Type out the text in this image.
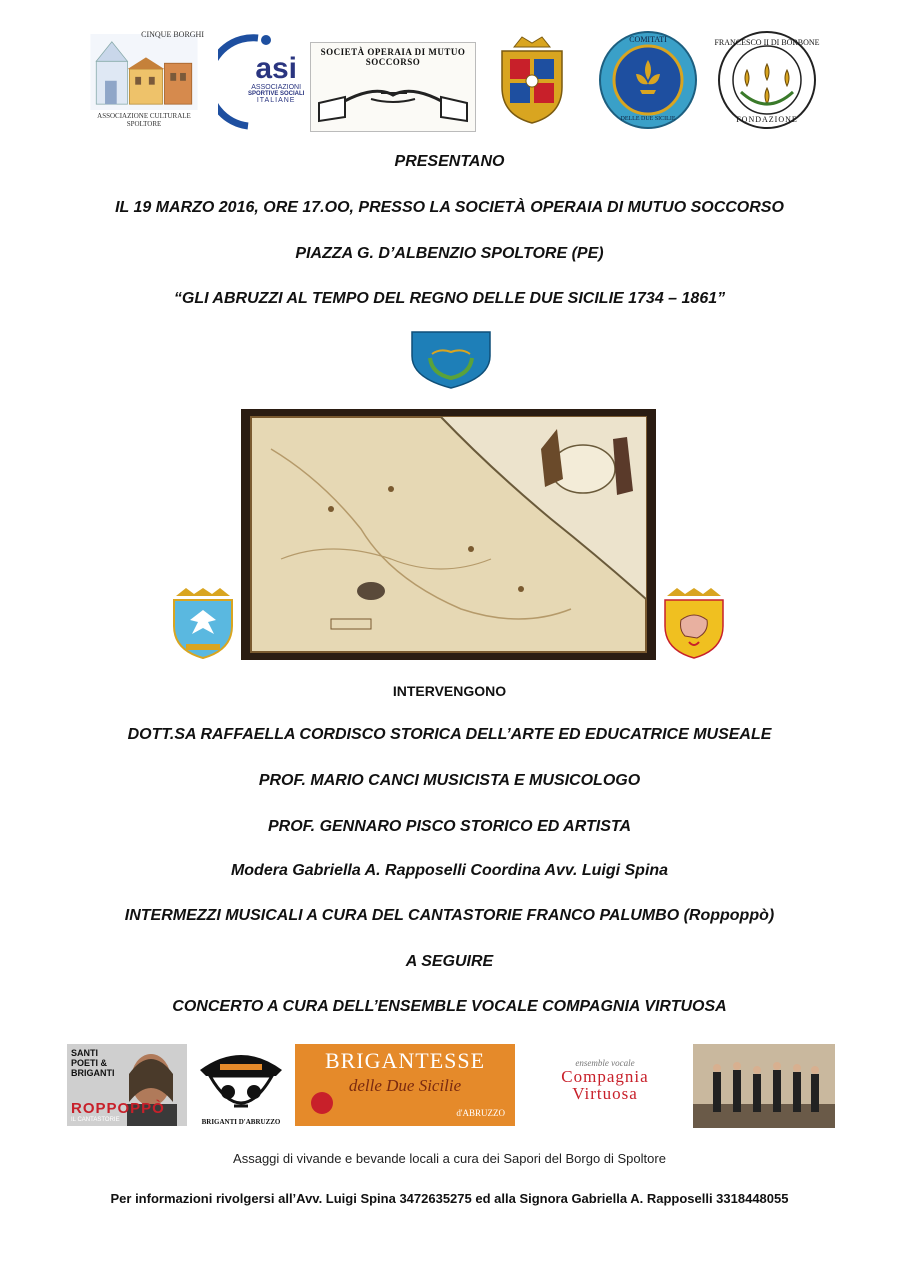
CINQUE BORGHI
ASSOCIAZIONE CULTURALE SPOLTORE
asi
ASSOCIAZIONI
SPORTIVE SOCIALI
ITALIANE
SOCIETÀ OPERAIA DI MUTUO SOCCORSO
COMITATI
DELLE DUE SICILIE
FRANCESCO II DI BORBONE
FONDAZIONE
PRESENTANO
IL 19 MARZO 2016, ORE 17.OO, PRESSO LA SOCIETÀ OPERAIA DI MUTUO SOCCORSO
PIAZZA G. D’ALBENZIO SPOLTORE (PE)
“GLI ABRUZZI AL TEMPO DEL REGNO DELLE DUE SICILIE 1734 – 1861”
INTERVENGONO
DOTT.SA RAFFAELLA CORDISCO STORICA DELL’ARTE ED EDUCATRICE MUSEALE
PROF. MARIO CANCI MUSICISTA E MUSICOLOGO
PROF. GENNARO PISCO STORICO ED ARTISTA
Modera Gabriella A. Rapposelli Coordina Avv. Luigi Spina
INTERMEZZI MUSICALI A CURA DEL CANTASTORIE FRANCO PALUMBO (Roppoppò)
A SEGUIRE
CONCERTO A CURA DELL’ENSEMBLE VOCALE COMPAGNIA VIRTUOSA
SANTI POETI & BRIGANTI
ROPPOPPÒ
IL CANTASTORIE	BRIGANTI D'ABRUZZO
BRIGANTESSE
delle Due Sicilie
d'ABRUZZO
ensemble vocale
Compagnia
Virtuosa
Assaggi di vivande e bevande locali a cura dei Sapori del Borgo di Spoltore
Per informazioni rivolgersi all’Avv. Luigi Spina 3472635275 ed alla Signora Gabriella A. Rapposelli 3318448055
